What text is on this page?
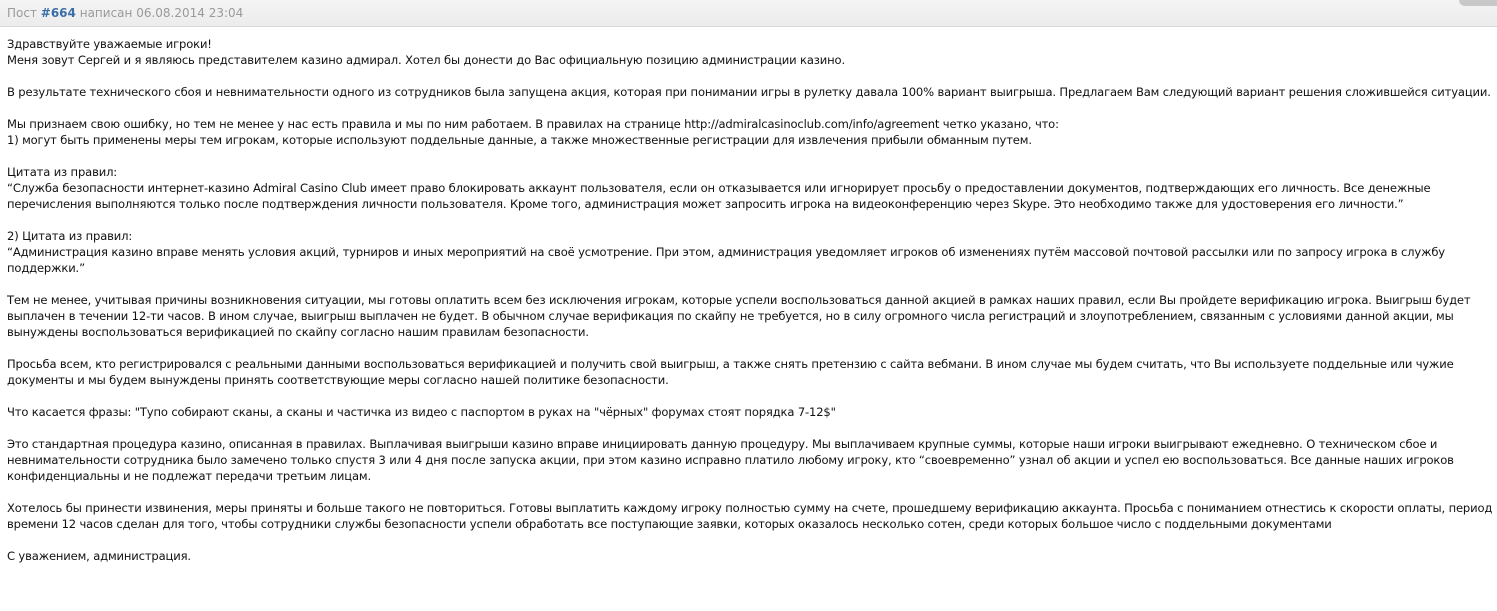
Пост #664 написан 06.08.2014 23:04
Здравствуйте уважаемые игроки!
Меня зовут Сергей и я являюсь представителем казино адмирал. Хотел бы донести до Вас официальную позицию администрации казино.
В результате технического сбоя и невнимательности одного из сотрудников была запущена акция, которая при понимании игры в рулетку давала 100% вариант выигрыша. Предлагаем Вам следующий вариант решения сложившейся ситуации.
Мы признаем свою ошибку, но тем не менее у нас есть правила и мы по ним работаем. В правилах на странице http://admiralcasinoclub.com/info/agreement четко указано, что:
1) могут быть применены меры тем игрокам, которые используют поддельные данные, а также множественные регистрации для извлечения прибыли обманным путем.
Цитата из правил:
“Служба безопасности интернет-казино Admiral Casino Club имеет право блокировать аккаунт пользователя, если он отказывается или игнорирует просьбу о предоставлении документов, подтверждающих его личность. Все денежные
перечисления выполняются только после подтверждения личности пользователя. Кроме того, администрация может запросить игрока на видеоконференцию через Skype. Это необходимо также для удостоверения его личности.”
2) Цитата из правил:
“Администрация казино вправе менять условия акций, турниров и иных мероприятий на своё усмотрение. При этом, администрация уведомляет игроков об изменениях путём массовой почтовой рассылки или по запросу игрока в службу
поддержки.”
Тем не менее, учитывая причины возникновения ситуации, мы готовы оплатить всем без исключения игрокам, которые успели воспользоваться данной акцией в рамках наших правил, если Вы пройдете верификацию игрока. Выигрыш будет
выплачен в течении 12-ти часов. В ином случае, выигрыш выплачен не будет. В обычном случае верификация по скайпу не требуется, но в силу огромного числа регистраций и злоупотреблением, связанным с условиями данной акции, мы
вынуждены воспользоваться верификацией по скайпу согласно нашим правилам безопасности.
Просьба всем, кто регистрировался с реальными данными воспользоваться верификацией и получить свой выигрыш, а также снять претензию с сайта вебмани. В ином случае мы будем считать, что Вы используете поддельные или чужие
документы и мы будем вынуждены принять соответствующие меры согласно нашей политике безопасности.
Что касается фразы: "Тупо собирают сканы, а сканы и частичка из видео с паспортом в руках на "чёрных" форумах стоят порядка 7-12$"
Это стандартная процедура казино, описанная в правилах. Выплачивая выигрыши казино вправе инициировать данную процедуру. Мы выплачиваем крупные суммы, которые наши игроки выигрывают ежедневно. О техническом сбое и
невнимательности сотрудника было замечено только спустя 3 или 4 дня после запуска акции, при этом казино исправно платило любому игроку, кто “своевременно” узнал об акции и успел ею воспользоваться. Все данные наших игроков
конфиденциальны и не подлежат передачи третьим лицам.
Хотелось бы принести извинения, меры приняты и больше такого не повториться. Готовы выплатить каждому игроку полностью сумму на счете, прошедшему верификацию аккаунта. Просьба с пониманием отнестись к скорости оплаты, период
времени 12 часов сделан для того, чтобы сотрудники службы безопасности успели обработать все поступающие заявки, которых оказалось несколько сотен, среди которых большое число с поддельными документами
С уважением, администрация.
